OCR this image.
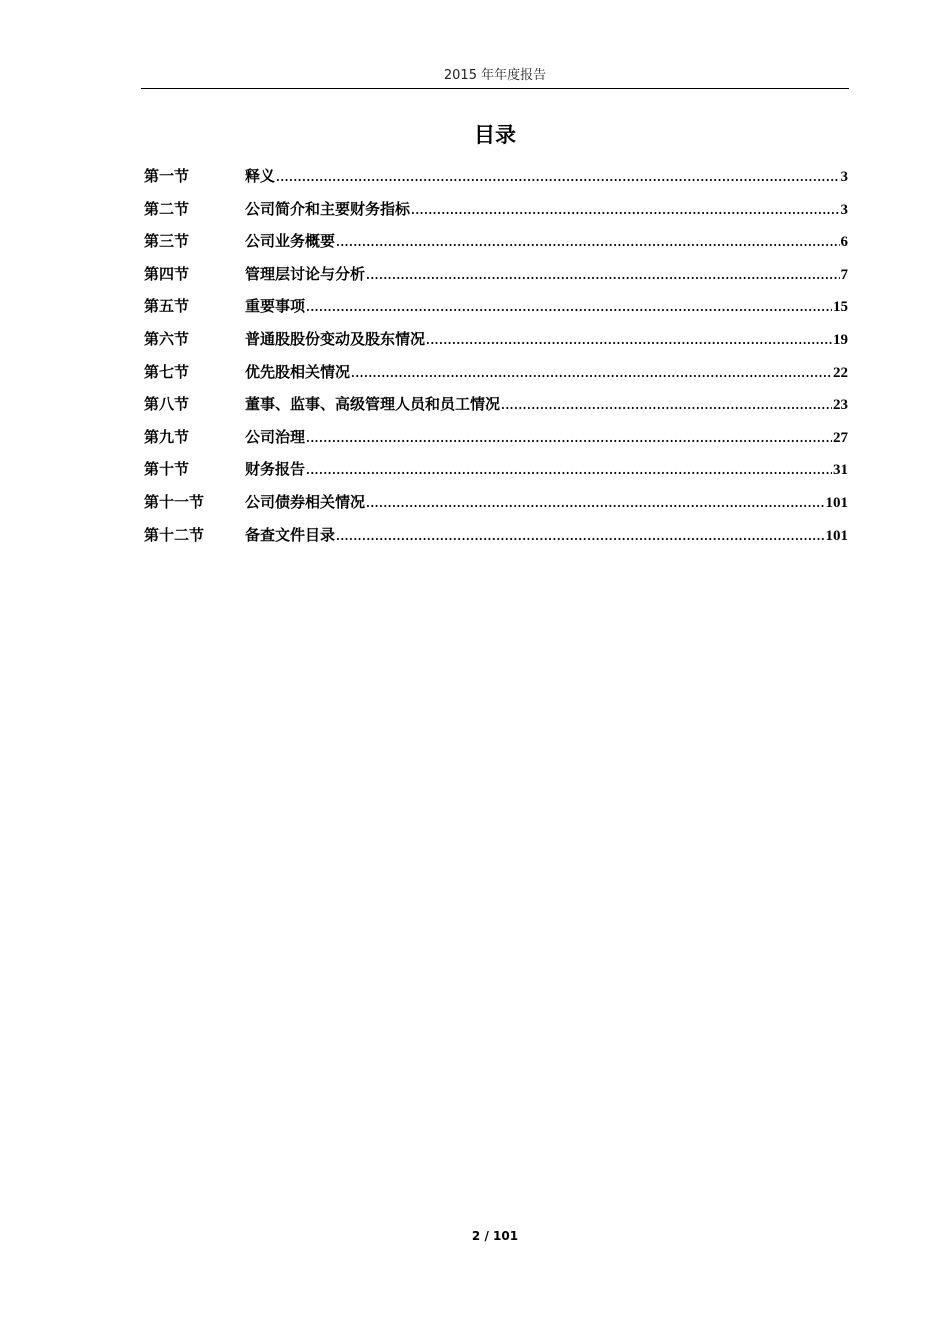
2015 年年度报告
目录
第一节	释义 .....	3
第二节	公司简介和主要财务指标 .....	3
第三节	公司业务概要 .....	6
第四节	管理层讨论与分析 .....	7
第五节	重要事项 .....	15
第六节	普通股股份变动及股东情况 .....	19
第七节	优先股相关情况 .....	22
第八节	董事、监事、高级管理人员和员工情况 .....	23
第九节	公司治理 .....	27
第十节	财务报告 .....	31
第十一节	公司债券相关情况 .....	101
第十二节	备查文件目录 .....	101
2 / 101
